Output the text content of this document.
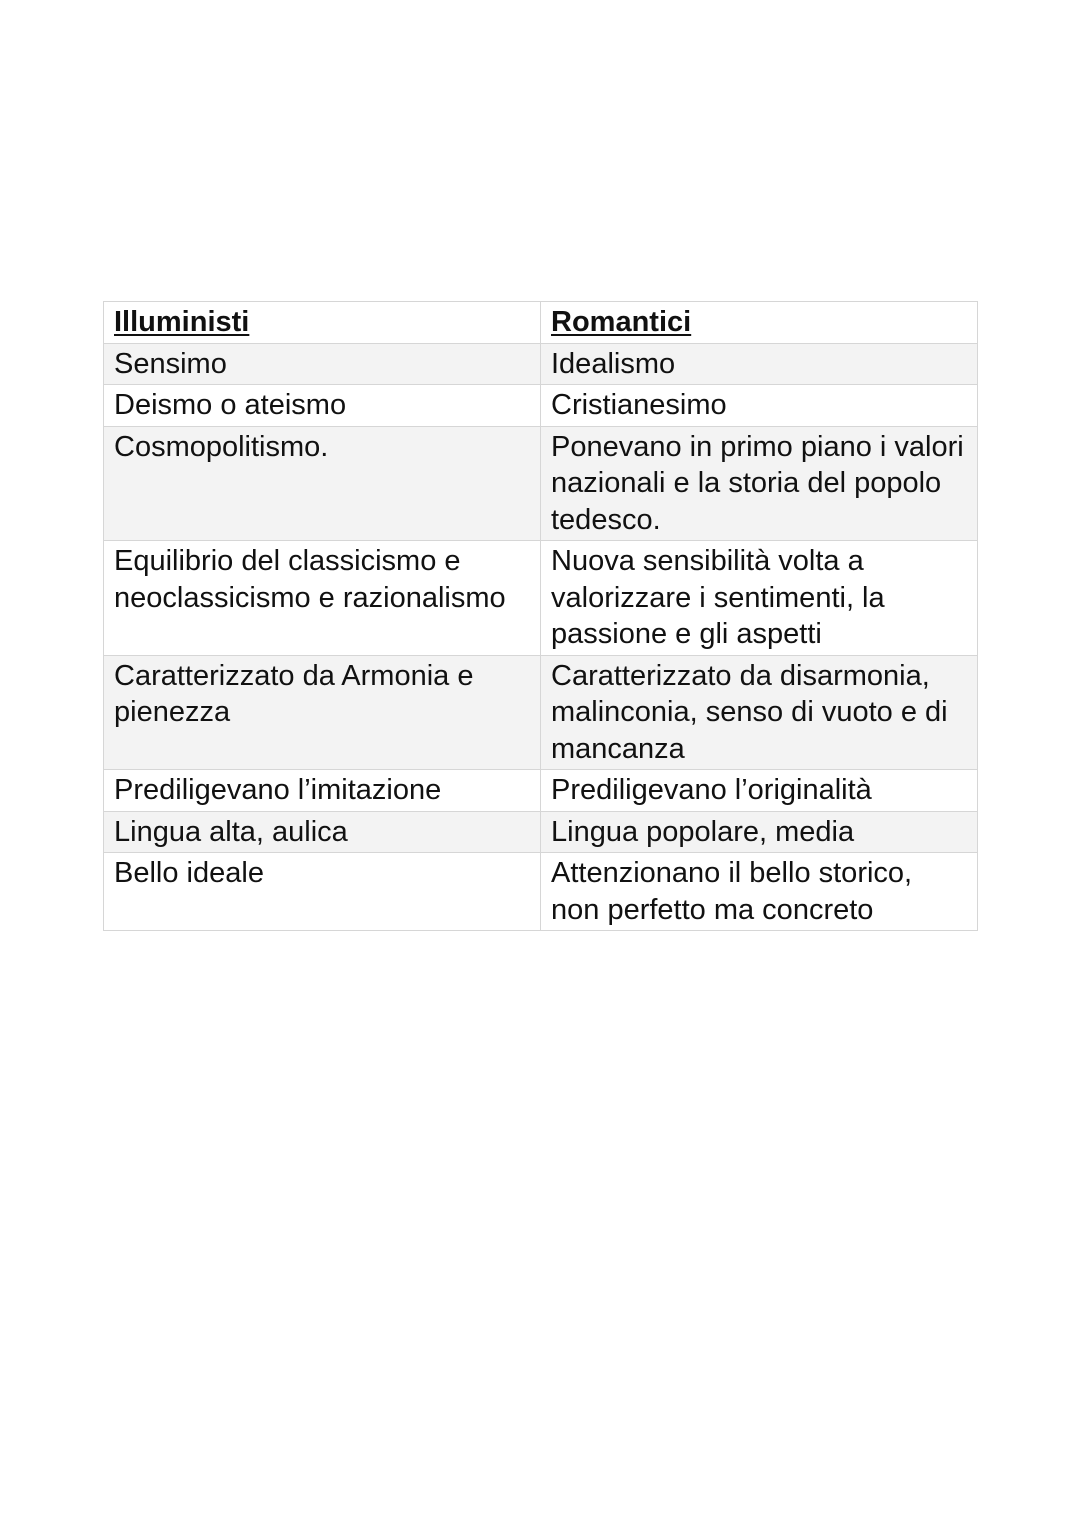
Illuministi	Romantici
Sensimo	Idealismo
Deismo o ateismo	Cristianesimo
Cosmopolitismo.	Ponevano in primo piano i valori nazionali e la storia del popolo tedesco.
Equilibrio del classicismo e neoclassicismo e razionalismo	Nuova sensibilità volta a valorizzare i sentimenti, la passione e gli aspetti
Caratterizzato da Armonia e pienezza	Caratterizzato da disarmonia, malinconia, senso di vuoto e di mancanza
Prediligevano l’imitazione	Prediligevano l’originalità
Lingua alta, aulica	Lingua popolare, media
Bello ideale	Attenzionano il bello storico, non perfetto ma concreto
